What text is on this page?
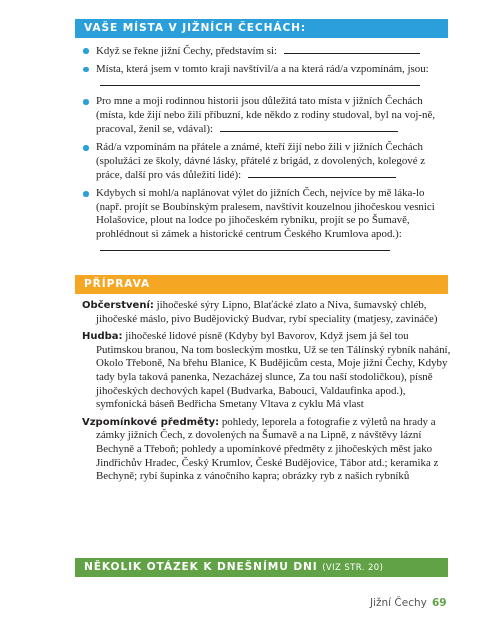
VAŠE MÍSTA V JIŽNÍCH ČECHÁCH:
Když se řekne jižní Čechy, představím si:
Místa, která jsem v tomto kraji navštívil/a a na která rád/a vzpomínám, jsou:
Pro mne a moji rodinnou historii jsou důležitá tato místa v jižních Čechách (místa, kde žijí nebo žili příbuzní, kde někdo z rodiny studoval, byl na voj-ně, pracoval, ženil se, vdával):
Rád/a vzpomínám na přátele a známé, kteří žijí nebo žili v jižních Čechách (spolužáci ze školy, dávné lásky, přátelé z brigád, z dovolených, kolegové z práce, další pro vás důležití lidé):
Kdybych si mohl/a naplánovat výlet do jižních Čech, nejvíce by mě láka-lo (např. projít se Boubínským pralesem, navštívit kouzelnou jihočeskou vesnici Holašovice, plout na lodce po jihočeském rybníku, projít se po Šumavě, prohlédnout si zámek a historické centrum Českého Krumlova apod.):
PŘÍPRAVA

Občerstvení: jihočeské sýry Lipno, Blaťácké zlato a Niva, šumavský chléb, jihočeské máslo, pivo Budějovický Budvar, rybí speciality (matjesy, zavináče)

Hudba: jihočeské lidové písně (Kdyby byl Bavorov, Když jsem já šel tou Putimskou branou, Na tom bosleckým mostku, Už se ten Tálínský rybník nahání, Okolo Třeboně, Na břehu Blanice, K Budějicům cesta, Moje jižní Čechy, Kdyby tady byla taková panenka, Nezacházej slunce, Za tou naší stodoličkou), písně jihočeských dechových kapel (Budvarka, Babouci, Valdaufinka apod.), symfonická báseň Bedřicha Smetany Vltava z cyklu Má vlast

Vzpomínkové předměty: pohledy, leporela a fotografie z výletů na hrady a zámky jižních Čech, z dovolených na Šumavě a na Lipně, z návštěvy lázní Bechyně a Třeboň; pohledy a upomínkové předměty z jihočeských měst jako Jindřichův Hradec, Český Krumlov, České Budějovice, Tábor atd.; keramika z Bechyně; rybí šupinka z vánočního kapra; obrázky ryb z našich rybníků

NĚKOLIK OTÁZEK K DNEŠNÍMU DNI (VIZ STR. 20)
Jižní Čechy 69
